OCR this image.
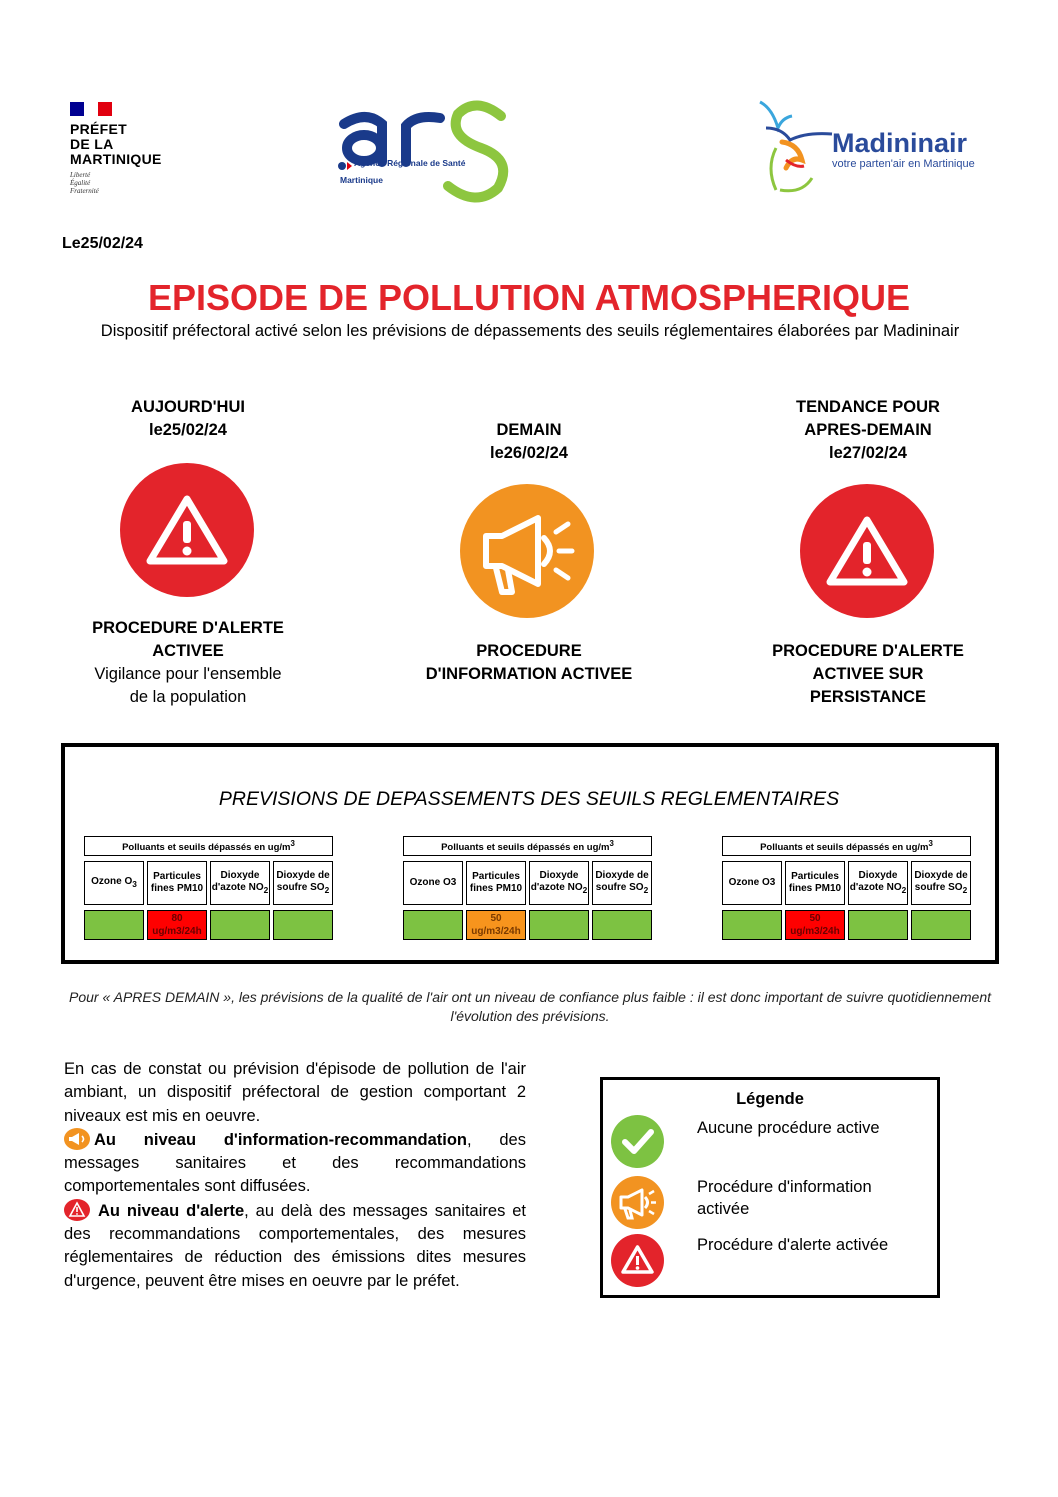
PRÉFET
DE LA
MARTINIQUE
Liberté
Égalité
Fraternité
Agence Régionale de Santé
Martinique
Madininair
votre parten'air en Martinique
Le25/02/24
EPISODE DE POLLUTION ATMOSPHERIQUE
Dispositif préfectoral activé selon les prévisions de dépassements des seuils réglementaires élaborées par Madininair
AUJOURD'HUI
le25/02/24
PROCEDURE D'ALERTE
ACTIVEE
Vigilance pour l'ensemble
de la population
DEMAIN
le26/02/24
PROCEDURE
D'INFORMATION ACTIVEE
TENDANCE POUR
APRES-DEMAIN
le27/02/24
PROCEDURE D'ALERTE
ACTIVEE SUR
PERSISTANCE
PREVISIONS DE DEPASSEMENTS DES SEUILS REGLEMENTAIRES
Polluants et seuils dépassés en $ug/m^3$

Ozone $O_3$	Particules fines PM10	Dioxyde d'azote $NO_2$	Dioxyde de soufre $SO_2$

	80 ug/m3/24h		
Polluants et seuils dépassés en $ug/m^3$

Ozone O3	Particules fines PM10	Dioxyde d'azote $NO_2$	Dioxyde de soufre $SO_2$

	50 ug/m3/24h		
Polluants et seuils dépassés en $ug/m^3$

Ozone O3	Particules fines PM10	Dioxyde d'azote $NO_2$	Dioxyde de soufre $SO_2$

	50 ug/m3/24h		
Pour « APRES DEMAIN », les prévisions de la qualité de l'air ont un niveau de confiance plus faible : il est donc important de suivre quotidiennement l'évolution des prévisions.

En cas de constat ou prévision d'épisode de pollution de l'air ambiant, un dispositif préfectoral de gestion comportant 2 niveaux est mis en oeuvre.

Au niveau d'information-recommandation, des messages sanitaires et des recommandations comportementales sont diffusées.

Au niveau d'alerte, au delà des messages sanitaires et des recommandations comportementales, des mesures réglementaires de réduction des émissions dites mesures d'urgence, peuvent être mises en oeuvre par le préfet.

Légende
Aucune procédure active
Procédure d'information activée
Procédure d'alerte activée
